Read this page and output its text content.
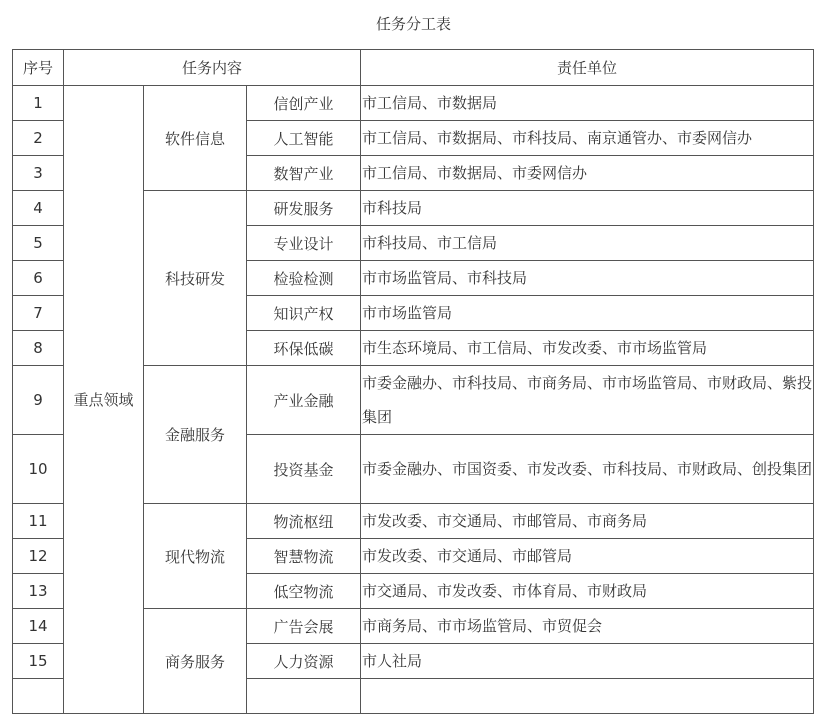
任务分工表
序号	任务内容			责任单位
1	重点领域	软件信息	信创产业	市工信局、市数据局
2			人工智能	市工信局、市数据局、市科技局、南京通管办、市委网信办
3			数智产业	市工信局、市数据局、市委网信办
4		科技研发	研发服务	市科技局
5			专业设计	市科技局、市工信局
6			检验检测	市市场监管局、市科技局
7			知识产权	市市场监管局
8			环保低碳	市生态环境局、市工信局、市发改委、市市场监管局
9		金融服务	产业金融	市委金融办、市科技局、市商务局、市市场监管局、市财政局、紫投集团
10			投资基金	市委金融办、市国资委、市发改委、市科技局、市财政局、创投集团
11		现代物流	物流枢纽	市发改委、市交通局、市邮管局、市商务局
12			智慧物流	市发改委、市交通局、市邮管局
13			低空物流	市交通局、市发改委、市体育局、市财政局
14		商务服务	广告会展	市商务局、市市场监管局、市贸促会
15			人力资源	市人社局
